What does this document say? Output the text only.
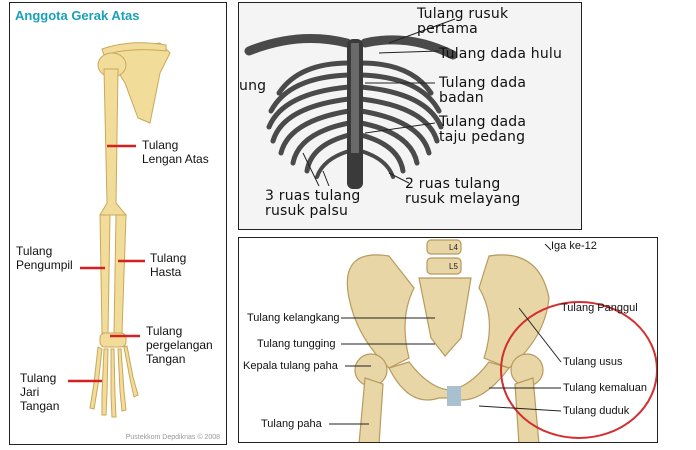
Anggota Gerak Atas
Tulang
Lengan Atas
Tulang
Pengumpil	Tulang
Hasta
Tulang
pergelangan
Tangan
Tulang
Jari
Tangan
Pustekkom Depdiknas © 2008
ung
Tulang rusuk
pertama
Tulang dada hulu
Tulang dada
badan
Tulang dada
taju pedang
3 ruas tulang
rusuk palsu
2 ruas tulang
rusuk melayang
L4
L5
Iga ke-12
Tulang kelangkang
Tulang tungging
Kepala tulang paha
Tulang paha
Tulang Panggul
Tulang usus
Tulang kemaluan
Tulang duduk
